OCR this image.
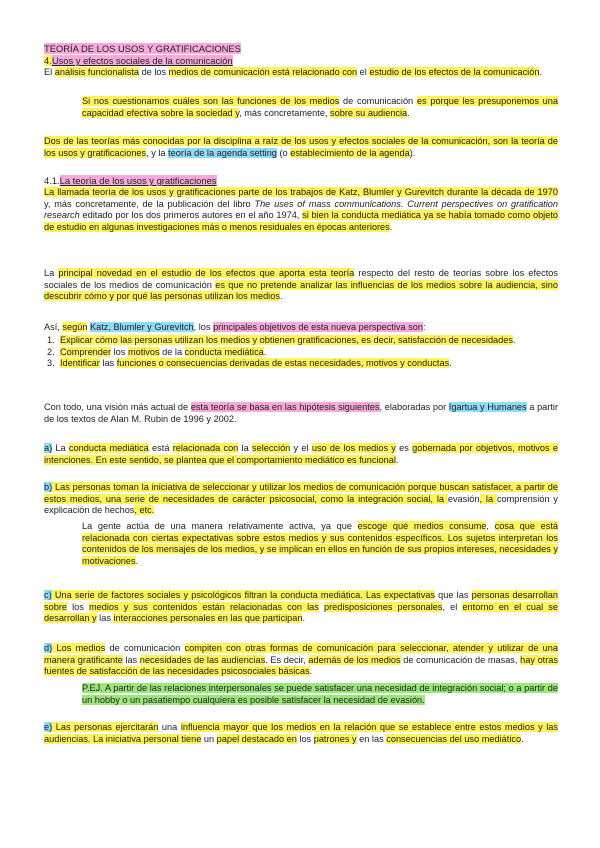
TEORÍA DE LOS USOS Y GRATIFICACIONES
4.Usos y efectos sociales de la comunicación
El análisis funcionalista de los medios de comunicación está relacionado con el estudio de los efectos de la comunicación.
Si nos cuestionamos cuáles son las funciones de los medios de comunicación es porque les presuponemos una capacidad efectiva sobre la sociedad y, más concretamente, sobre su audiencia.
Dos de las teorías más conocidas por la disciplina a raíz de los usos y efectos sociales de la comunicación, son la teoría de los usos y gratificaciones, y la teoría de la agenda setting (o establecimiento de la agenda).
4.1.La teoría de los usos y gratificaciones
La llamada teoría de los usos y gratificaciones parte de los trabajos de Katz, Blumler y Gurevitch durante la década de 1970 y, más concretamente, de la publicación del libro The uses of mass communications. Current perspectives on gratification research editado por los dos primeros autores en el año 1974, si bien la conducta mediática ya se había tomado como objeto de estudio en algunas investigaciones más o menos residuales en épocas anteriores.
La principal novedad en el estudio de los efectos que aporta esta teoría respecto del resto de teorías sobre los efectos sociales de los medios de comunicación es que no pretende analizar las influencias de los medios sobre la audiencia, sino descubrir cómo y por qué las personas utilizan los medios.
Así, según Katz, Blumler y Gurevitch, los principales objetivos de esta nueva perspectiva son:
1. Explicar cómo las personas utilizan los medios y obtienen gratificaciones, es decir, satisfacción de necesidades.
2. Comprender los motivos de la conducta mediática.
3. Identificar las funciones o consecuencias derivadas de estas necesidades, motivos y conductas.
Con todo, una visión más actual de esta teoría se basa en las hipótesis siguientes, elaboradas por Igartua y Humanes a partir de los textos de Alan M. Rubin de 1996 y 2002.
a) La conducta mediática está relacionada con la selección y el uso de los medios y es gobernada por objetivos, motivos e intenciones. En este sentido, se plantea que el comportamiento mediático es funcional.
b) Las personas toman la iniciativa de seleccionar y utilizar los medios de comunicación porque buscan satisfacer, a partir de estos medios, una serie de necesidades de carácter psicosocial, como la integración social, la evasión, la comprensión y explicación de hechos, etc.
La gente actúa de una manera relativamente activa, ya que escoge qué medios consume, cosa que está relacionada con ciertas expectativas sobre estos medios y sus contenidos específicos. Los sujetos interpretan los contenidos de los mensajes de los medios, y se implican en ellos en función de sus propios intereses, necesidades y motivaciones.
c) Una serie de factores sociales y psicológicos filtran la conducta mediática. Las expectativas que las personas desarrollan sobre los medios y sus contenidos están relacionadas con las predisposiciones personales, el entorno en el cual se desarrollan y las interacciones personales en las que participan.
d) Los medios de comunicación compiten con otras formas de comunicación para seleccionar, atender y utilizar de una manera gratificante las necesidades de las audiencias. Es decir, además de los medios de comunicación de masas, hay otras fuentes de satisfacción de las necesidades psicosociales básicas.
P.EJ. A partir de las relaciones interpersonales se puede satisfacer una necesidad de integración social; o a partir de un hobby o un pasatiempo cualquiera es posible satisfacer la necesidad de evasión.
e) Las personas ejercitarán una influencia mayor que los medios en la relación que se establece entre estos medios y las audiencias. La iniciativa personal tiene un papel destacado en los patrones y en las consecuencias del uso mediático.
